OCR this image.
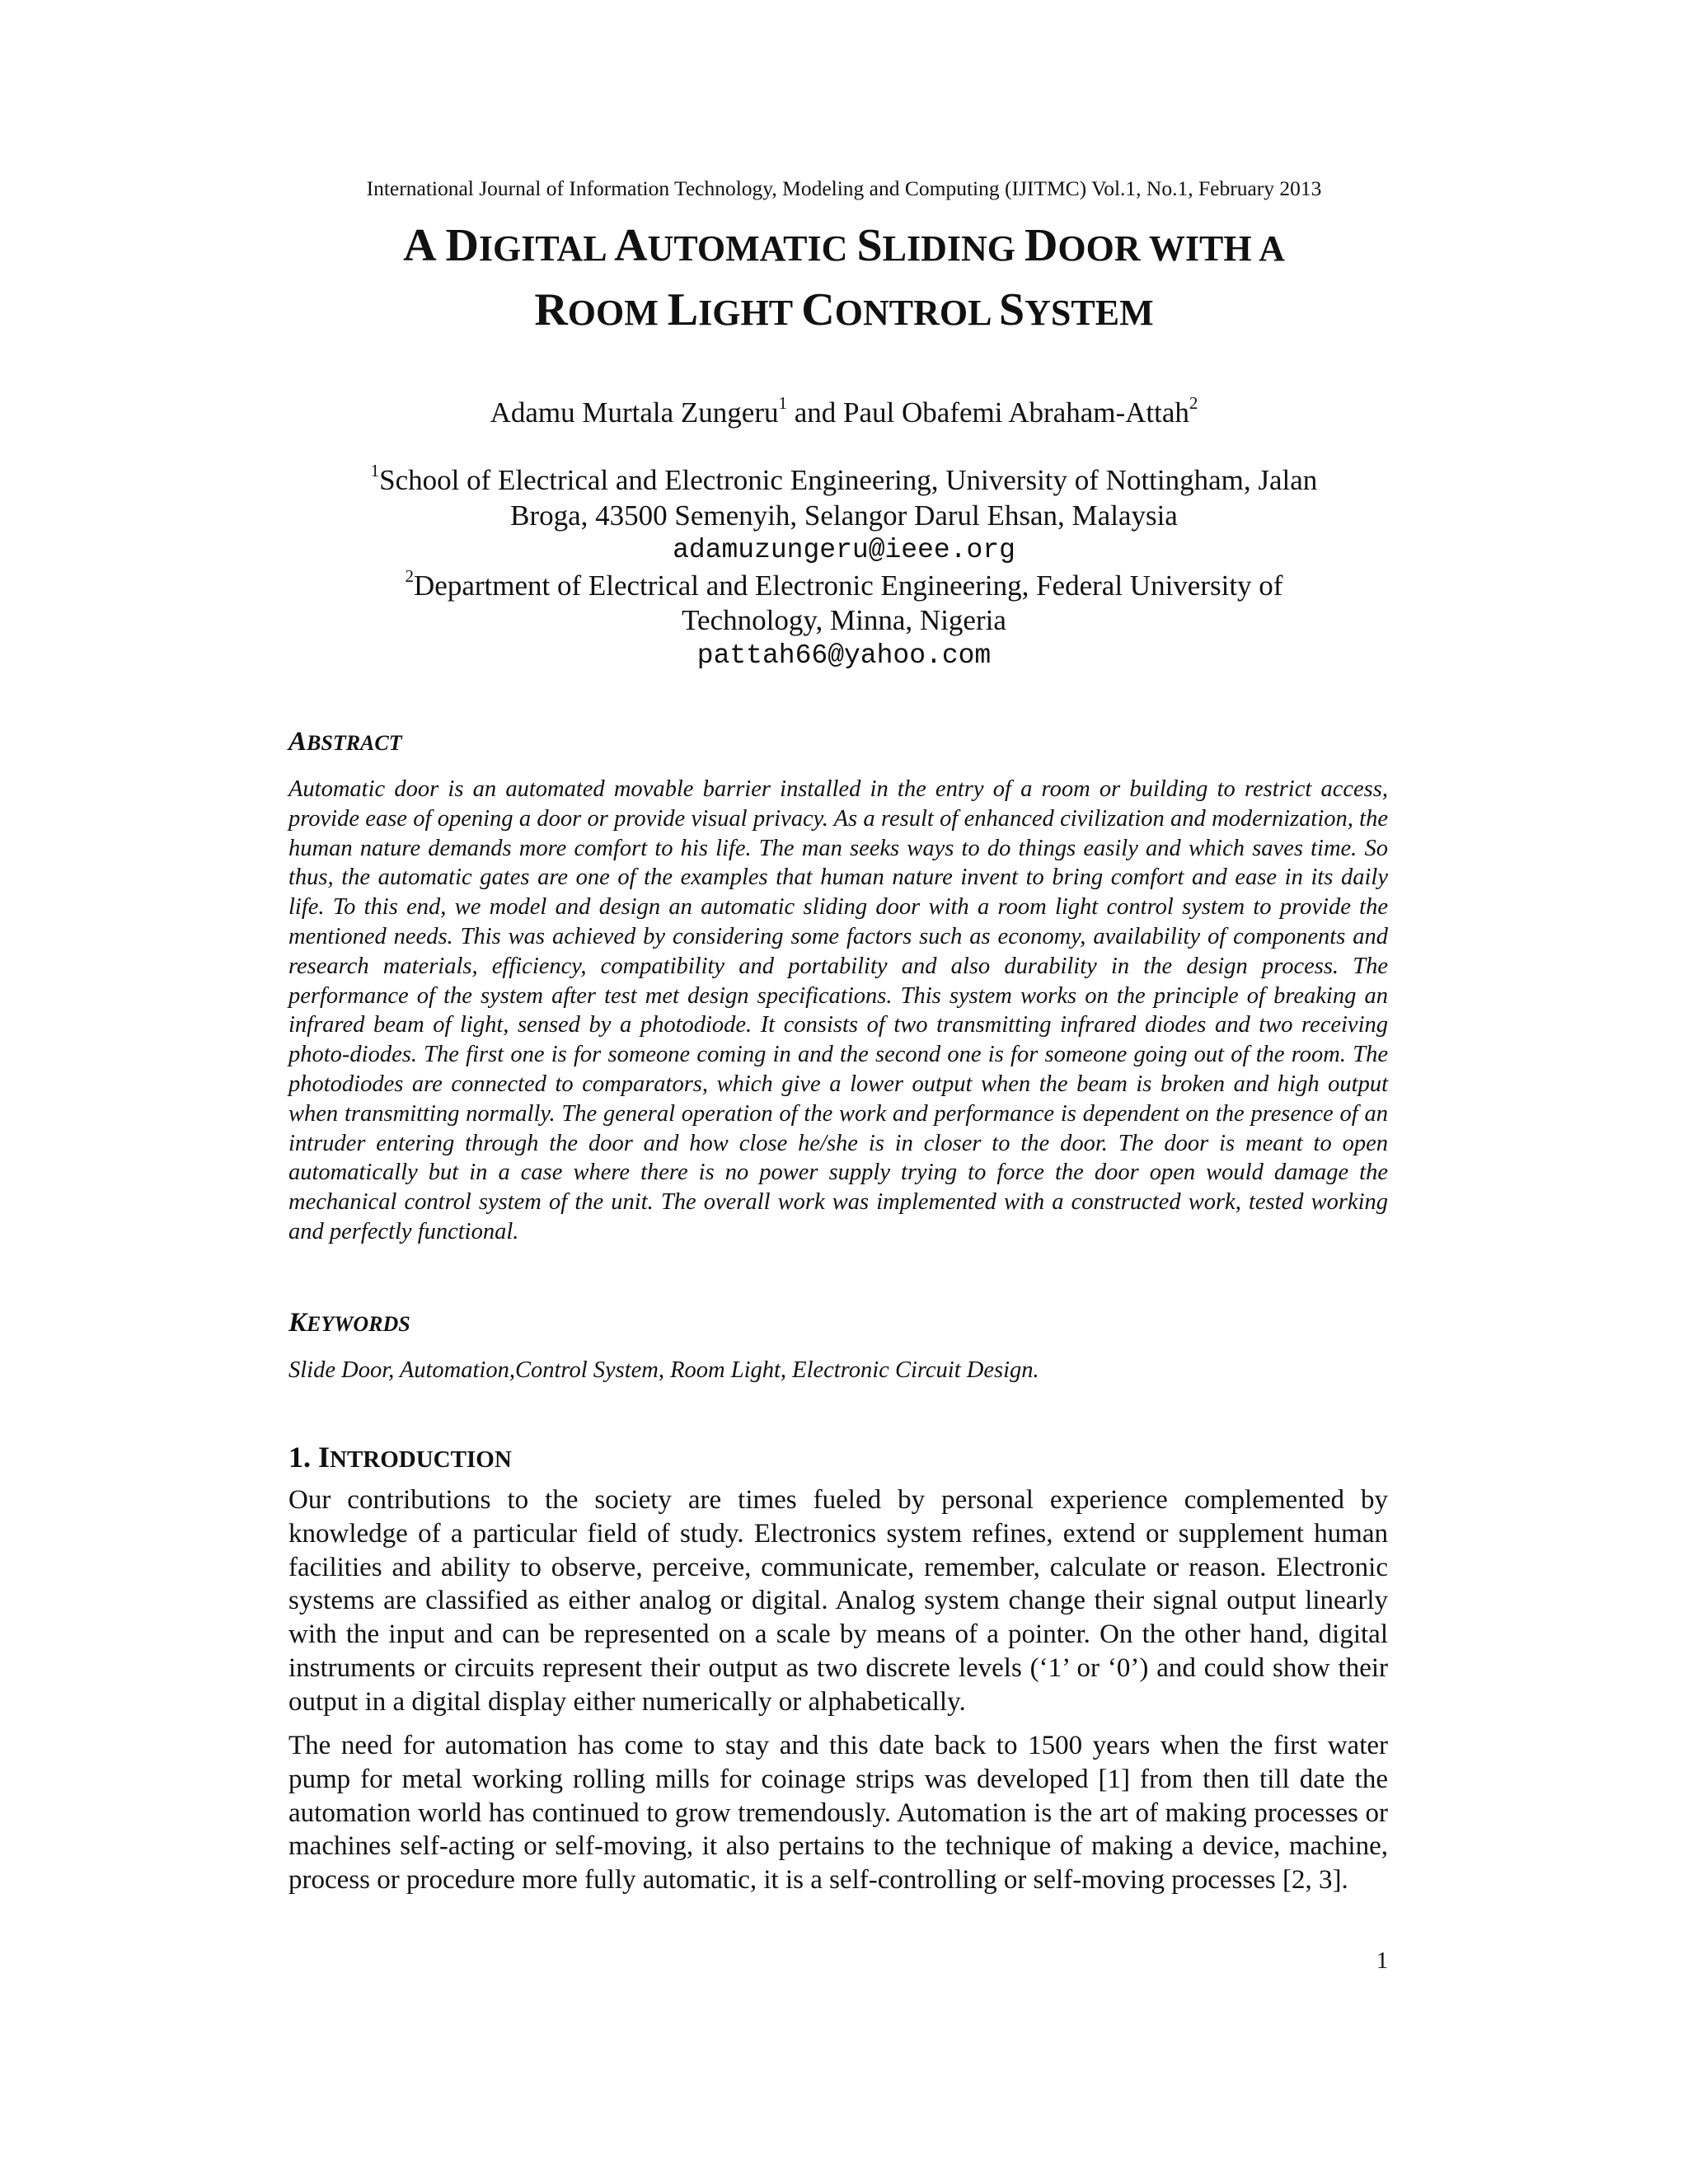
International Journal of Information Technology, Modeling and Computing (IJITMC) Vol.1, No.1, February 2013
A DIGITAL AUTOMATIC SLIDING DOOR WITH A
ROOM LIGHT CONTROL SYSTEM
Adamu Murtala Zungeru$^1$ and Paul Obafemi Abraham-Attah$^2$
$^1$School of Electrical and Electronic Engineering, University of Nottingham, Jalan
Broga, 43500 Semenyih, Selangor Darul Ehsan, Malaysia
adamuzungeru@ieee.org
$^2$Department of Electrical and Electronic Engineering, Federal University of
Technology, Minna, Nigeria
pattah66@yahoo.com
ABSTRACT

Automatic door is an automated movable barrier installed in the entry of a room or building to restrict access, provide ease of opening a door or provide visual privacy. As a result of enhanced civilization and modernization, the human nature demands more comfort to his life. The man seeks ways to do things easily and which saves time. So thus, the automatic gates are one of the examples that human nature invent to bring comfort and ease in its daily life. To this end, we model and design an automatic sliding door with a room light control system to provide the mentioned needs. This was achieved by considering some factors such as economy, availability of components and research materials, efficiency, compatibility and portability and also durability in the design process. The performance of the system after test met design specifications. This system works on the principle of breaking an infrared beam of light, sensed by a photodiode. It consists of two transmitting infrared diodes and two receiving photo-diodes. The first one is for someone coming in and the second one is for someone going out of the room. The photodiodes are connected to comparators, which give a lower output when the beam is broken and high output when transmitting normally. The general operation of the work and performance is dependent on the presence of an intruder entering through the door and how close he/she is in closer to the door. The door is meant to open automatically but in a case where there is no power supply trying to force the door open would damage the mechanical control system of the unit. The overall work was implemented with a constructed work, tested working and perfectly functional.

KEYWORDS

Slide Door, Automation,Control System, Room Light, Electronic Circuit Design.

1. INTRODUCTION

Our contributions to the society are times fueled by personal experience complemented by knowledge of a particular field of study. Electronics system refines, extend or supplement human facilities and ability to observe, perceive, communicate, remember, calculate or reason. Electronic systems are classified as either analog or digital. Analog system change their signal output linearly with the input and can be represented on a scale by means of a pointer. On the other hand, digital instruments or circuits represent their output as two discrete levels (‘1’ or ‘0’) and could show their output in a digital display either numerically or alphabetically.

The need for automation has come to stay and this date back to 1500 years when the first water pump for metal working rolling mills for coinage strips was developed [1] from then till date the automation world has continued to grow tremendously. Automation is the art of making processes or machines self-acting or self-moving, it also pertains to the technique of making a device, machine, process or procedure more fully automatic, it is a self-controlling or self-moving processes [2, 3].

1
